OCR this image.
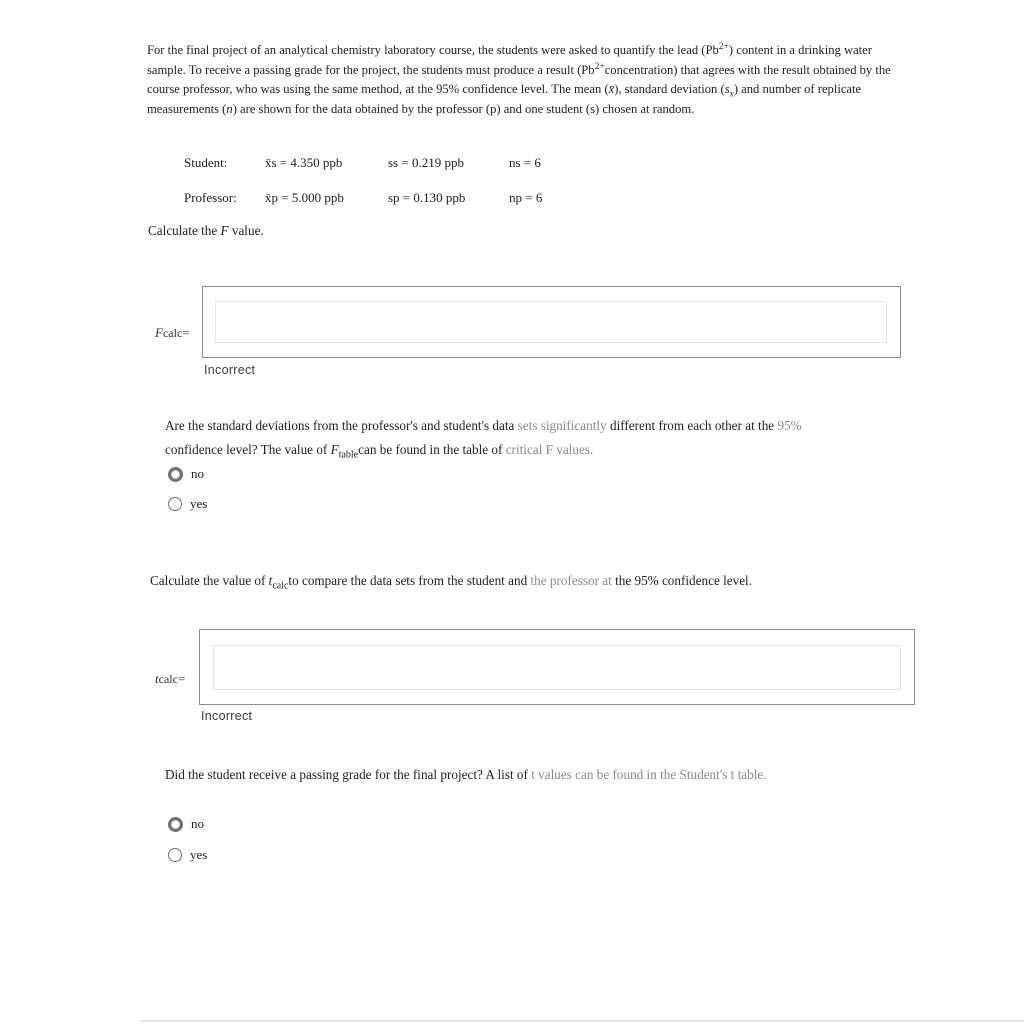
For the final project of an analytical chemistry laboratory course, the students were asked to quantify the lead $(Pb^{2+})$ content in a drinking water sample. To receive a passing grade for the project, the students must produce a result $(Pb^{2+}concentration)$ that agrees with the result obtained by the course professor, who was using the same method, at the 95% confidence level. The mean (x̄), standard deviation $(s_x)$ and number of replicate measurements (n) are shown for the data obtained by the professor (p) and one student (s) chosen at random.
Student:	x̄s = 4.350 ppb	ss = 0.219 ppb	ns = 6
Professor: x̄p = 5.000 ppb	sp = 0.130 ppb	np = 6
Calculate the F value.
Fcalc=
Incorrect
Are the standard deviations from the professor's and student's data sets significantly different from each other at the 95%
confidence level? The value of $F_{table}can$ be found in the table of critical F values.
no
yes
Calculate the value of $t_{calc}to$ compare the data sets from the student and the professor at the 95% confidence level.
tcalc=
Incorrect
Did the student receive a passing grade for the final project? A list of t values can be found in the Student's t table.
no
yes
